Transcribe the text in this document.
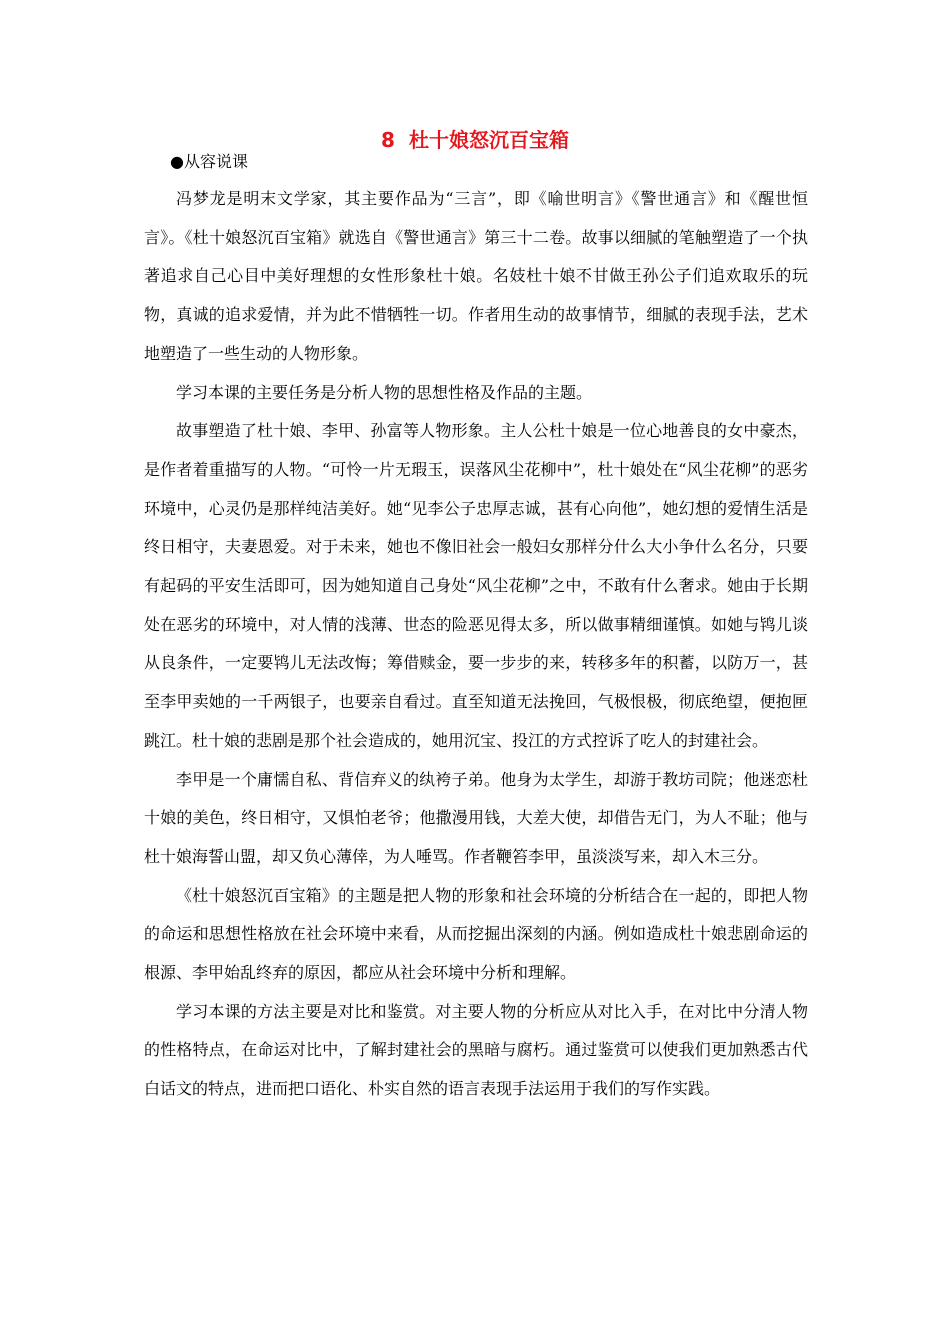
8 杜十娘怒沉百宝箱
●从容说课

冯梦龙是明末文学家，其主要作品为“三言”，即《喻世明言》《警世通言》和《醒世恒言》。《杜十娘怒沉百宝箱》就选自《警世通言》第三十二卷。故事以细腻的笔触塑造了一个执著追求自己心目中美好理想的女性形象杜十娘。名妓杜十娘不甘做王孙公子们追欢取乐的玩物，真诚的追求爱情，并为此不惜牺牲一切。作者用生动的故事情节，细腻的表现手法，艺术地塑造了一些生动的人物形象。

学习本课的主要任务是分析人物的思想性格及作品的主题。

故事塑造了杜十娘、李甲、孙富等人物形象。主人公杜十娘是一位心地善良的女中豪杰，是作者着重描写的人物。“可怜一片无瑕玉，误落风尘花柳中”，杜十娘处在“风尘花柳”的恶劣环境中，心灵仍是那样纯洁美好。她“见李公子忠厚志诚，甚有心向他”，她幻想的爱情生活是终日相守，夫妻恩爱。对于未来，她也不像旧社会一般妇女那样分什么大小争什么名分，只要有起码的平安生活即可，因为她知道自己身处“风尘花柳”之中，不敢有什么奢求。她由于长期处在恶劣的环境中，对人情的浅薄、世态的险恶见得太多，所以做事精细谨慎。如她与鸨儿谈从良条件，一定要鸨儿无法改悔；筹借赎金，要一步步的来，转移多年的积蓄，以防万一，甚至李甲卖她的一千两银子，也要亲自看过。直至知道无法挽回，气极恨极，彻底绝望，便抱匣跳江。杜十娘的悲剧是那个社会造成的，她用沉宝、投江的方式控诉了吃人的封建社会。

李甲是一个庸懦自私、背信弃义的纨袴子弟。他身为太学生，却游于教坊司院；他迷恋杜十娘的美色，终日相守，又惧怕老爷；他撒漫用钱，大差大使，却借告无门，为人不耻；他与杜十娘海誓山盟，却又负心薄倖，为人唾骂。作者鞭笞李甲，虽淡淡写来，却入木三分。

《杜十娘怒沉百宝箱》的主题是把人物的形象和社会环境的分析结合在一起的，即把人物的命运和思想性格放在社会环境中来看，从而挖掘出深刻的内涵。例如造成杜十娘悲剧命运的根源、李甲始乱终弃的原因，都应从社会环境中分析和理解。

学习本课的方法主要是对比和鉴赏。对主要人物的分析应从对比入手，在对比中分清人物的性格特点，在命运对比中，了解封建社会的黑暗与腐朽。通过鉴赏可以使我们更加熟悉古代白话文的特点，进而把口语化、朴实自然的语言表现手法运用于我们的写作实践。
